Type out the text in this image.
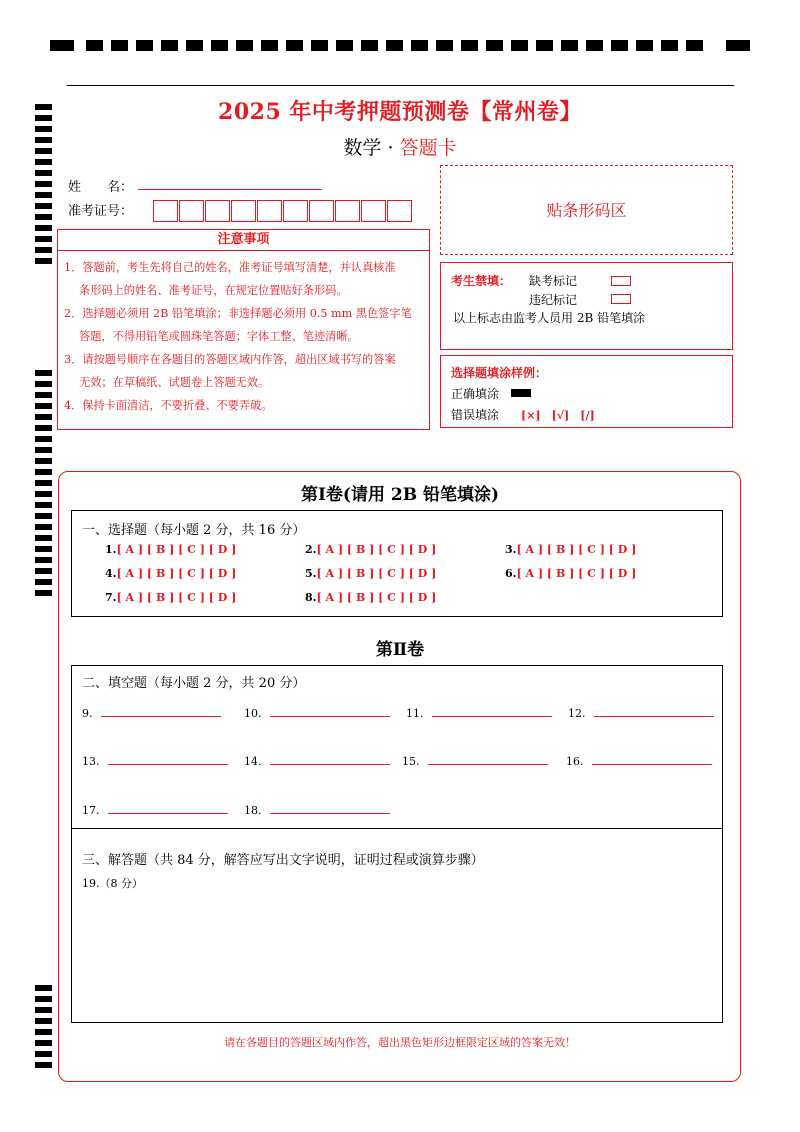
2025 年中考押题预测卷【常州卷】
数学 · 答题卡
姓　　名：
准考证号：	贴条形码区
注意事项
1．答题前，考生先将自己的姓名，准考证号填写清楚，并认真核准
条形码上的姓名、准考证号，在规定位置贴好条形码。
2．选择题必须用 2B 铅笔填涂；非选择题必须用 0.5 mm 黑色签字笔
答题，不得用铅笔或圆珠笔答题；字体工整、笔迹清晰。
3．请按题号顺序在各题目的答题区域内作答，超出区域书写的答案
无效；在草稿纸、试题卷上答题无效。
4．保持卡面清洁，不要折叠、不要弄破。
考生禁填： 缺考标记
违纪标记
以上标志由监考人员用 2B 铅笔填涂
选择题填涂样例：
正确填涂
错误填涂 [×]　[√]　[/]
第Ⅰ卷(请用 2B 铅笔填涂)
一、选择题（每小题 2 分，共 16 分）
1.[ A ] [ B ] [ C ] [ D ]	2.[ A ] [ B ] [ C ] [ D ]	3.[ A ] [ B ] [ C ] [ D ]
4.[ A ] [ B ] [ C ] [ D ]	5.[ A ] [ B ] [ C ] [ D ]	6.[ A ] [ B ] [ C ] [ D ]
7.[ A ] [ B ] [ C ] [ D ]	8.[ A ] [ B ] [ C ] [ D ]
第Ⅱ卷
二、填空题（每小题 2 分，共 20 分）
9.	10.	11.	12.
13.	14.	15.	16.
17.	18.
三、解答题（共 84 分，解答应写出文字说明，证明过程或演算步骤）
19.（8 分）
请在各题目的答题区域内作答，超出黑色矩形边框限定区域的答案无效！
